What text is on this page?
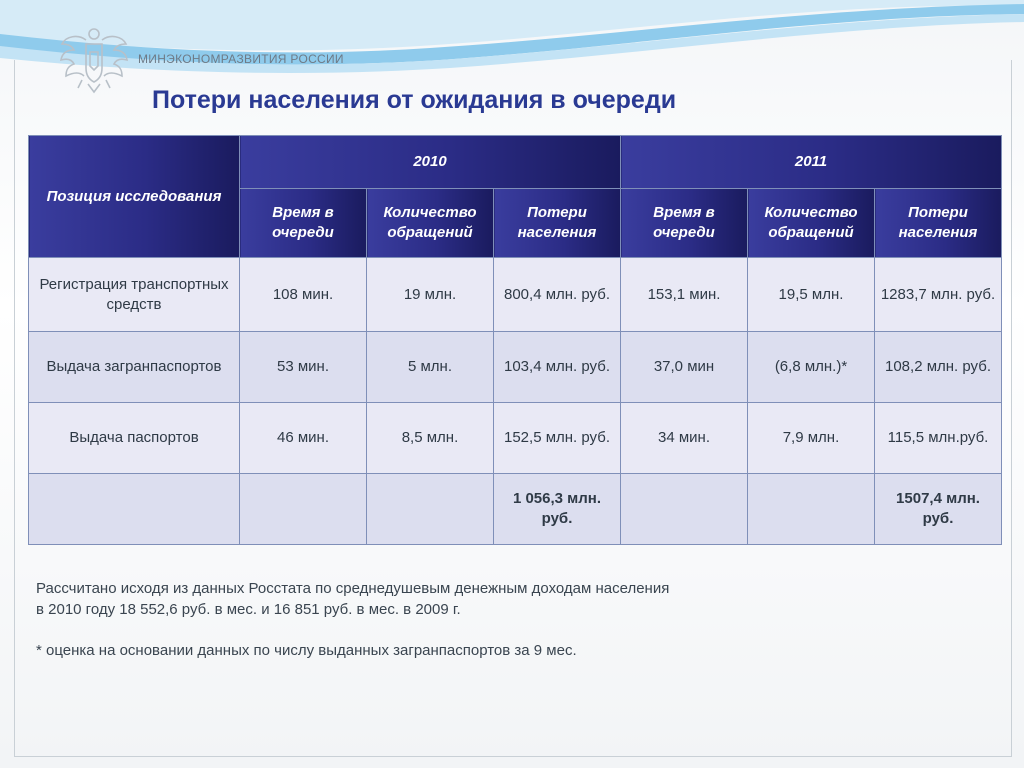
МИНЭКОНОМРАЗВИТИЯ РОССИИ
Потери населения от ожидания в очереди
Позиция исследования	2010			2011		
	Время в очереди	Количество обращений	Потери населения	Время в очереди	Количество обращений	Потери населения
Регистрация транспортных средств	108 мин.	19 млн.	800,4 млн. руб.	153,1 мин.	19,5 млн.	1283,7 млн. руб.
Выдача загранпаспортов	53 мин.	5 млн.	103,4 млн. руб.	37,0 мин	(6,8 млн.)*	108,2 млн. руб.
Выдача паспортов	46 мин.	8,5 млн.	152,5 млн. руб.	34 мин.	7,9 млн.	115,5 млн.руб.
			1 056,3 млн. руб.			1507,4 млн. руб.

Рассчитано исходя из данных Росстата по среднедушевым денежным доходам населения

в 2010 году 18 552,6 руб. в мес. и 16 851 руб. в мес. в 2009 г.

* оценка на основании данных по числу выданных загранпаспортов за 9 мес.
